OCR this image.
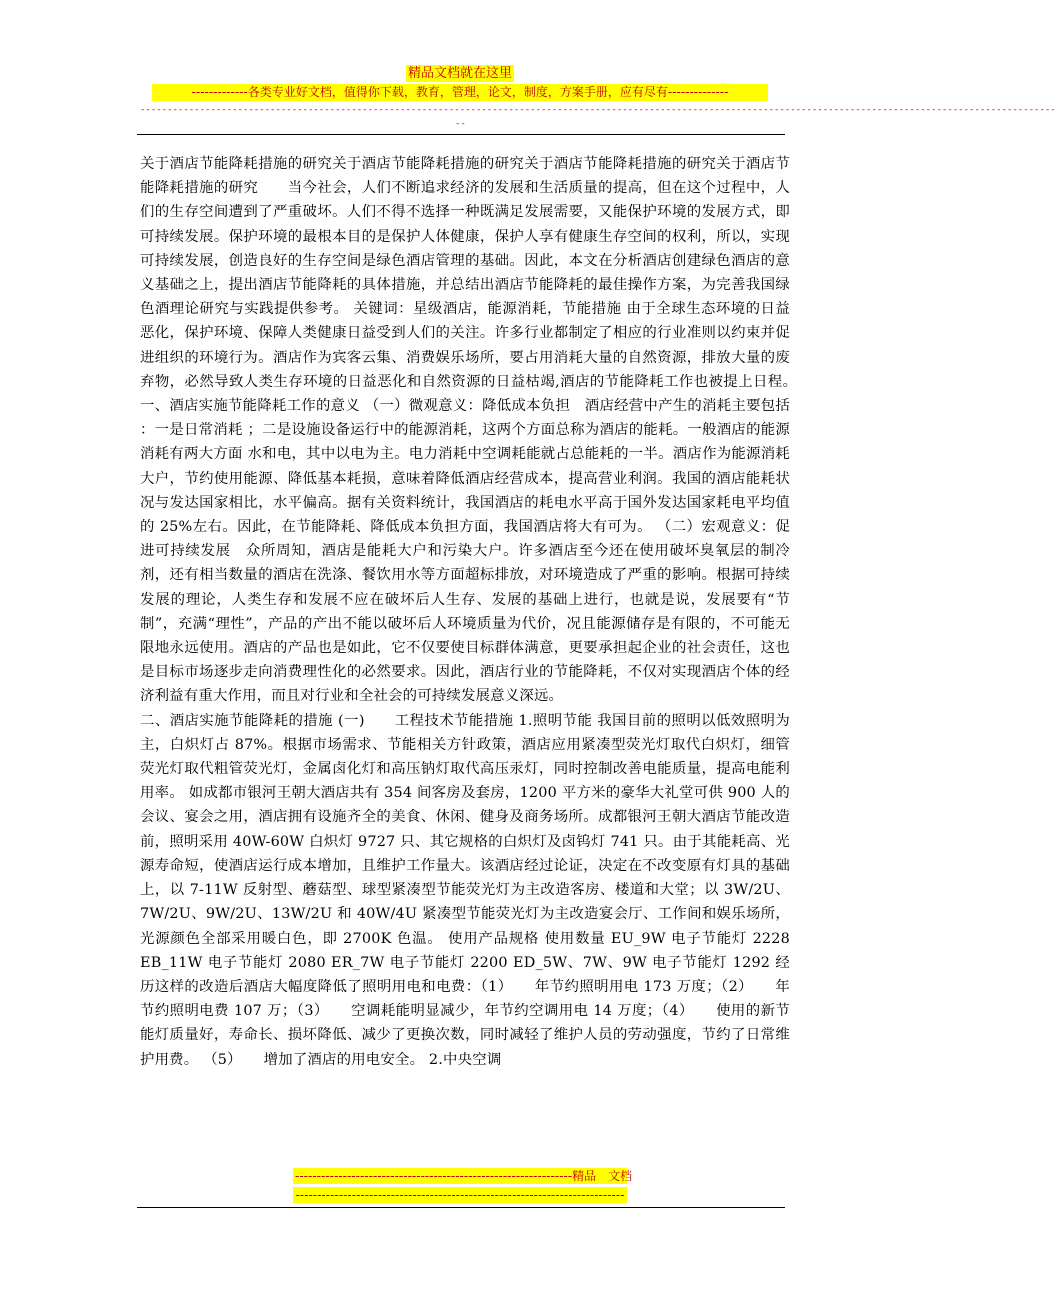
精品文档就在这里
-------------各类专业好文档，值得你下载，教育，管理，论文，制度，方案手册，应有尽有--------------
-------------------------------------------------------------------------------------------------------------------------------------------------------------------------
--

关于酒店节能降耗措施的研究关于酒店节能降耗措施的研究关于酒店节能降耗措施的研究关于酒店节能降耗措施的研究　　当今社会，人们不断追求经济的发展和生活质量的提高，但在这个过程中，人们的生存空间遭到了严重破坏。人们不得不选择一种既满足发展需要，又能保护环境的发展方式，即可持续发展。保护环境的最根本目的是保护人体健康，保护人享有健康生存空间的权利，所以，实现可持续发展，创造良好的生存空间是绿色酒店管理的基础。因此，本文在分析酒店创建绿色酒店的意义基础之上，提出酒店节能降耗的具体措施，并总结出酒店节能降耗的最佳操作方案，为完善我国绿色酒理论研究与实践提供参考。 关键词：星级酒店，能源消耗，节能措施 由于全球生态环境的日益恶化，保护环境、保障人类健康日益受到人们的关注。许多行业都制定了相应的行业准则以约束并促进组织的环境行为。酒店作为宾客云集、消费娱乐场所，要占用消耗大量的自然资源，排放大量的废弃物，必然导致人类生存环境的日益恶化和自然资源的日益枯竭,酒店的节能降耗工作也被提上日程。　一、酒店实施节能降耗工作的意义 （一）微观意义：降低成本负担　酒店经营中产生的消耗主要包括 ：一是日常消耗 ；二是设施设备运行中的能源消耗，这两个方面总称为酒店的能耗。一般酒店的能源消耗有两大方面 水和电，其中以电为主。电力消耗中空调耗能就占总能耗的一半。酒店作为能源消耗大户，节约使用能源、降低基本耗损，意味着降低酒店经营成本，提高营业利润。我国的酒店能耗状况与发达国家相比，水平偏高。据有关资料统计，我国酒店的耗电水平高于国外发达国家耗电平均值的 25%左右。因此，在节能降耗、降低成本负担方面，我国酒店将大有可为。 （二）宏观意义：促进可持续发展　众所周知，酒店是能耗大户和污染大户。许多酒店至今还在使用破坏臭氧层的制冷剂，还有相当数量的酒店在洗涤、餐饮用水等方面超标排放，对环境造成了严重的影响。根据可持续发展的理论，人类生存和发展不应在破坏后人生存、发展的基础上进行，也就是说，发展要有“节制”，充满“理性”，产品的产出不能以破坏后人环境质量为代价，况且能源储存是有限的，不可能无限地永远使用。酒店的产品也是如此，它不仅要使目标群体满意，更要承担起企业的社会责任，这也是目标市场逐步走向消费理性化的必然要求。因此，酒店行业的节能降耗，不仅对实现酒店个体的经济利益有重大作用，而且对行业和全社会的可持续发展意义深远。

二、酒店实施节能降耗的措施 (一)　　工程技术节能措施 1.照明节能 我国目前的照明以低效照明为主，白炽灯占 87%。根据市场需求、节能相关方针政策，酒店应用紧凑型荧光灯取代白炽灯，细管荧光灯取代粗管荧光灯，金属卤化灯和高压钠灯取代高压汞灯，同时控制改善电能质量，提高电能利用率。 如成都市银河王朝大酒店共有 354 间客房及套房，1200 平方米的豪华大礼堂可供 900 人的会议、宴会之用，酒店拥有设施齐全的美食、休闲、健身及商务场所。成都银河王朝大酒店节能改造前，照明采用 40W-60W 白炽灯 9727 只、其它规格的白炽灯及卤钨灯 741 只。由于其能耗高、光源寿命短，使酒店运行成本增加，且维护工作量大。该酒店经过论证，决定在不改变原有灯具的基础上，以 7-11W 反射型、蘑菇型、球型紧凑型节能荧光灯为主改造客房、楼道和大堂；以 3W/2U、7W/2U、9W/2U、13W/2U 和 40W/4U 紧凑型节能荧光灯为主改造宴会厅、工作间和娱乐场所，光源颜色全部采用暖白色，即 2700K 色温。 使用产品规格 使用数量 EU_9W 电子节能灯 2228 EB_11W 电子节能灯 2080 ER_7W 电子节能灯 2200 ED_5W、7W、9W 电子节能灯 1292 经历这样的改造后酒店大幅度降低了照明用电和电费：（1）　　年节约照明用电 173 万度；（2）　　年节约照明电费 107 万；（3）　　空调耗能明显减少，年节约空调用电 14 万度；（4）　　使用的新节能灯质量好，寿命长、损坏降低、减少了更换次数，同时减轻了维护人员的劳动强度，节约了日常维护用费。 （5）　　增加了酒店的用电安全。 2.中央空调

----------------------------------------------------------------精品　文档
----------------------------------------------------------------------------
